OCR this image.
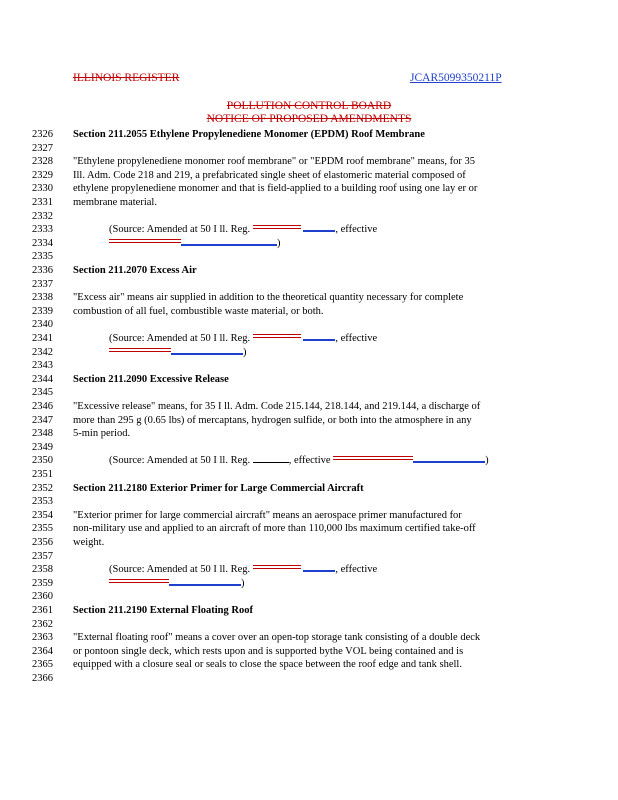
ILLINOIS REGISTER	JCAR5099350211P
POLLUTION CONTROL BOARD
NOTICE OF PROPOSED AMENDMENTS
2326 Section 211.2055 Ethylene Propylenediene Monomer (EPDM) Roof Membrane
2327
2328 "Ethylene propylenediene monomer roof membrane" or "EPDM roof membrane" means, for 35
2329 Ill. Adm. Code 218 and 219, a prefabricated single sheet of elastomeric material composed of
2330 ethylene propylenediene monomer and that is field-applied to a building roof using one lay er or
2331 membrane material.
2332
2333	(Source: Amended at 50 I ll. Reg.	, effective
2334
2335
2336 Section 211.2070 Excess Air
2337
2338 "Excess air" means air supplied in addition to the theoretical quantity necessary for complete
2339 combustion of all fuel, combustible waste material, or both.
2340
2341	(Source: Amended at 50 I ll. Reg.	, effective
2342
2343
2344 Section 211.2090 Excessive Release
2345
2346 "Excessive release" means, for 35 I ll. Adm. Code 215.144, 218.144, and 219.144, a discharge of
2347 more than 295 g (0.65 lbs) of mercaptans, hydrogen sulfide, or both into the atmosphere in any
2348 5-min period.
2349
2350	(Source: Amended at 50 I ll. Reg.	, effective	)
2351
2352 Section 211.2180 Exterior Primer for Large Commercial Aircraft
2353
2354 "Exterior primer for large commercial aircraft" means an aerospace primer manufactured for
2355 non-military use and applied to an aircraft of more than 110,000 lbs maximum certified take-off
2356 weight.
2357
2358	(Source: Amended at 50 I ll. Reg.	, effective
2359
2360
2361 Section 211.2190 External Floating Roof
2362
2363 "External floating roof" means a cover over an open-top storage tank consisting of a double deck
2364 or pontoon single deck, which rests upon and is supported bythe VOL being contained and is
2365 equipped with a closure seal or seals to close the space between the roof edge and tank shell.
2366
)
)
)
